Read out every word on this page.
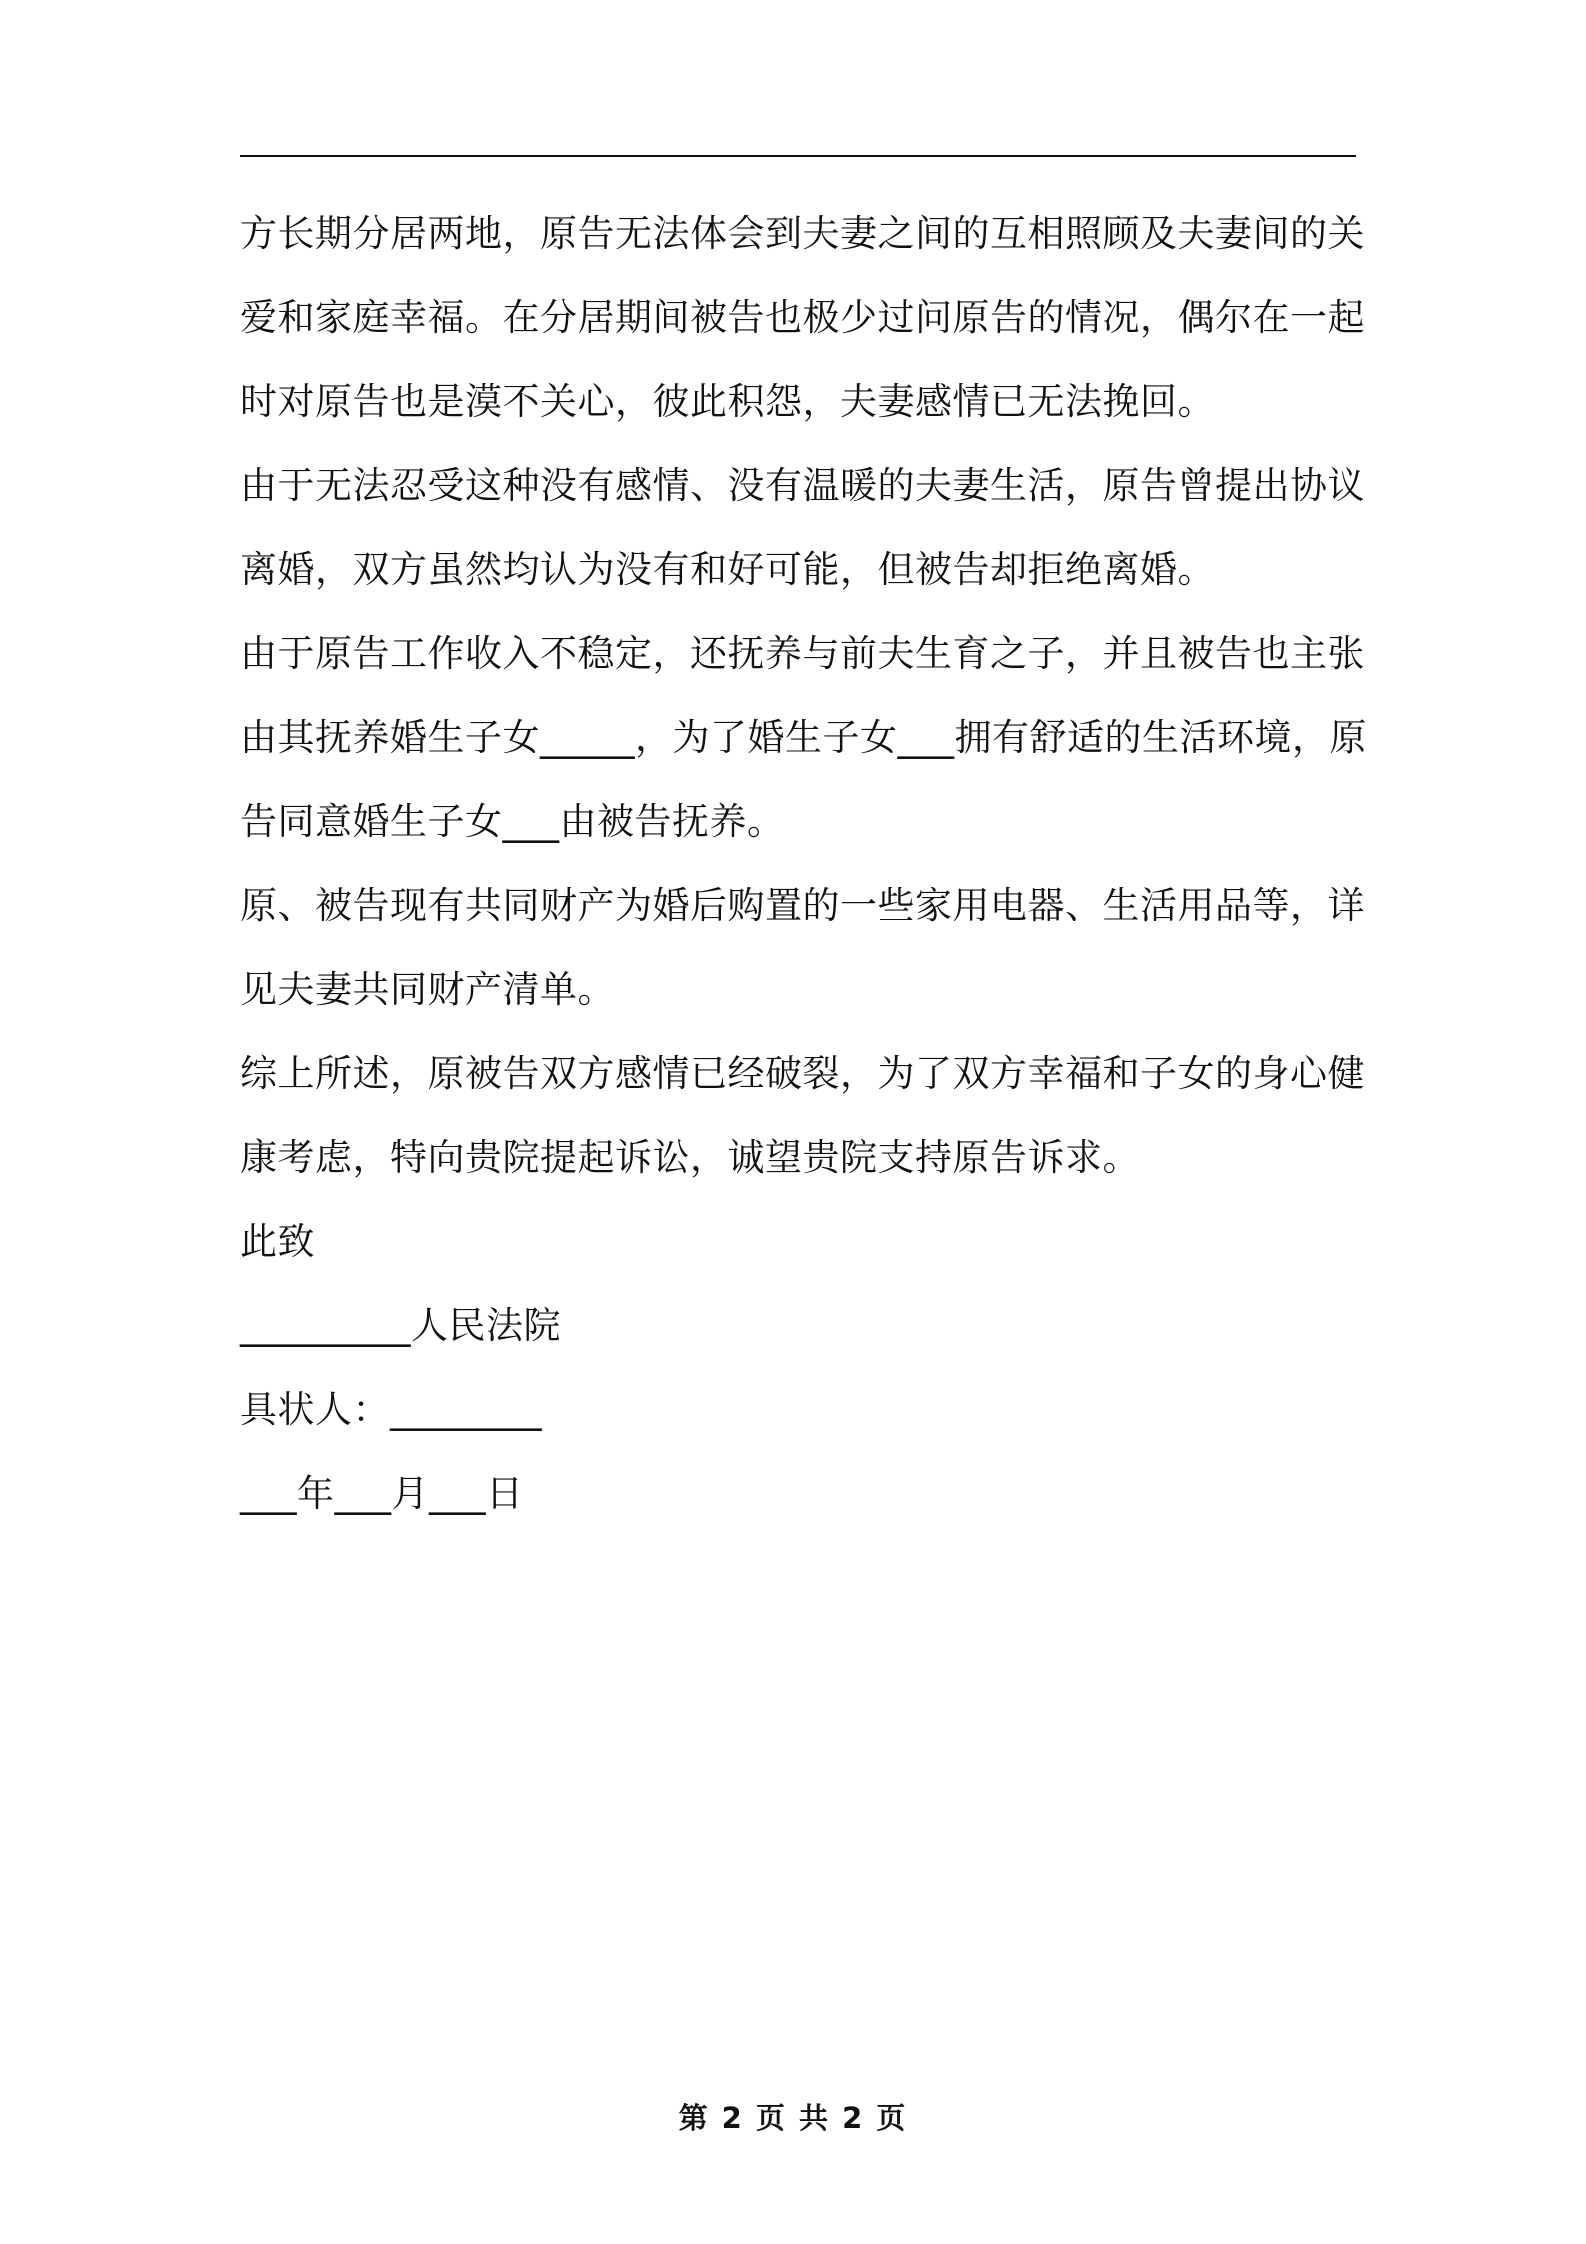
方长期分居两地，原告无法体会到夫妻之间的互相照顾及夫妻间的关
爱和家庭幸福。在分居期间被告也极少过问原告的情况，偶尔在一起
时对原告也是漠不关心，彼此积怨，夫妻感情已无法挽回。
由于无法忍受这种没有感情、没有温暖的夫妻生活，原告曾提出协议
离婚，双方虽然均认为没有和好可能，但被告却拒绝离婚。
由于原告工作收入不稳定，还抚养与前夫生育之子，并且被告也主张
由其抚养婚生子女_____，为了婚生子女___拥有舒适的生活环境，原
告同意婚生子女___由被告抚养。
原、被告现有共同财产为婚后购置的一些家用电器、生活用品等，详
见夫妻共同财产清单。
综上所述，原被告双方感情已经破裂，为了双方幸福和子女的身心健
康考虑，特向贵院提起诉讼，诚望贵院支持原告诉求。
此致
_________人民法院
具状人：________
___年___月___日
第 2 页 共 2 页
